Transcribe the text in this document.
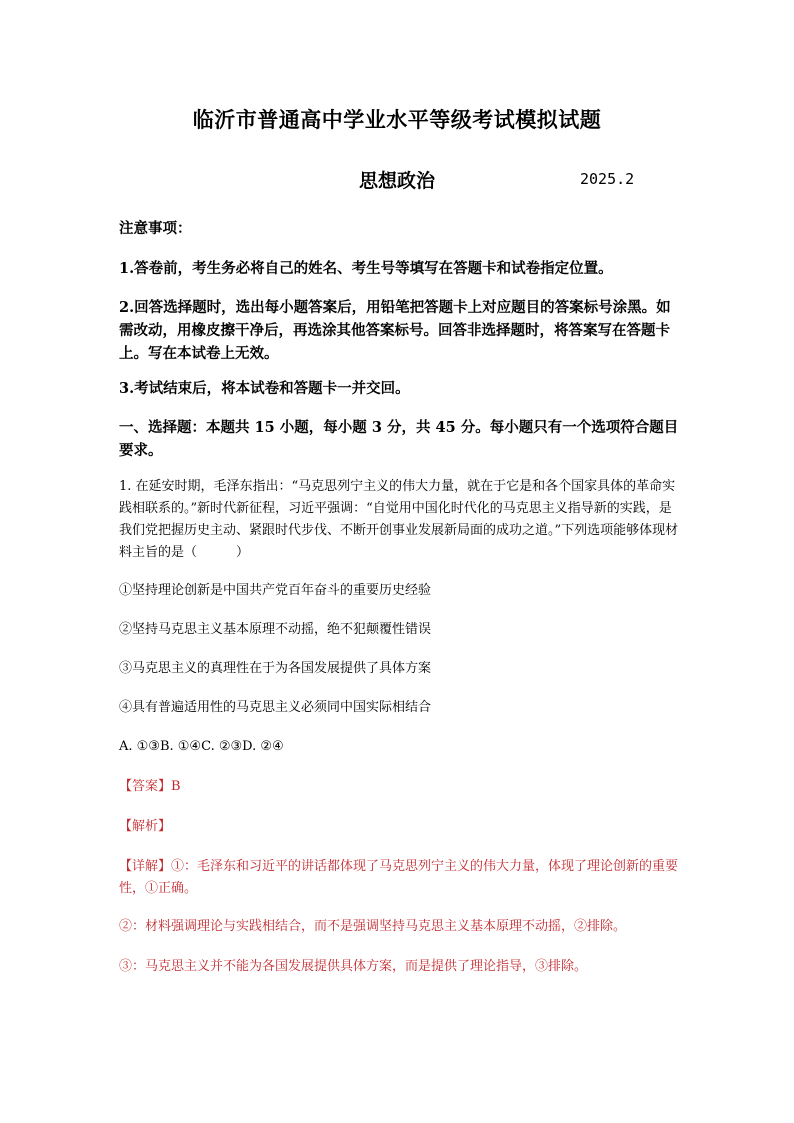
临沂市普通高中学业水平等级考试模拟试题
思想政治	2025.2
注意事项：
1.答卷前，考生务必将自己的姓名、考生号等填写在答题卡和试卷指定位置。
2.回答选择题时，选出每小题答案后，用铅笔把答题卡上对应题目的答案标号涂黑。如需改动，用橡皮擦干净后，再选涂其他答案标号。回答非选择题时，将答案写在答题卡上。写在本试卷上无效。
3.考试结束后，将本试卷和答题卡一并交回。
一、选择题：本题共 15 小题，每小题 3 分，共 45 分。每小题只有一个选项符合题目要求。
1. 在延安时期，毛泽东指出：“马克思列宁主义的伟大力量，就在于它是和各个国家具体的革命实践相联系的。”新时代新征程，习近平强调：“自觉用中国化时代化的马克思主义指导新的实践，是我们党把握历史主动、紧跟时代步伐、不断开创事业发展新局面的成功之道。”下列选项能够体现材料主旨的是（　　　）
①坚持理论创新是中国共产党百年奋斗的重要历史经验
②坚持马克思主义基本原理不动摇，绝不犯颠覆性错误
③马克思主义的真理性在于为各国发展提供了具体方案
④具有普遍适用性的马克思主义必须同中国实际相结合
A. ①③B. ①④C. ②③D. ②④
【答案】B
【解析】
【详解】①：毛泽东和习近平的讲话都体现了马克思列宁主义的伟大力量，体现了理论创新的重要性，①正确。
②：材料强调理论与实践相结合，而不是强调坚持马克思主义基本原理不动摇，②排除。
③：马克思主义并不能为各国发展提供具体方案，而是提供了理论指导，③排除。
